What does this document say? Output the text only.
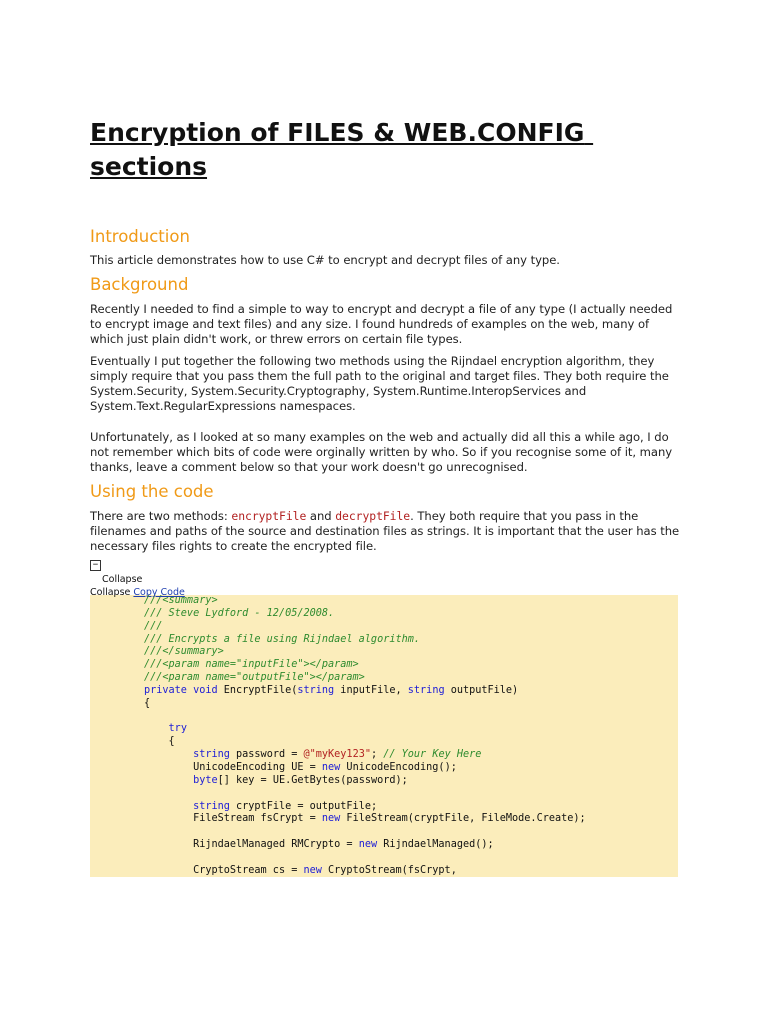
Encryption of FILES & WEB.CONFIG sections
Introduction

This article demonstrates how to use C# to encrypt and decrypt files of any type.

Background

Recently I needed to find a simple to way to encrypt and decrypt a file of any type (I actually needed to encrypt image and text files) and any size. I found hundreds of examples on the web, many of which just plain didn't work, or threw errors on certain file types.

Eventually I put together the following two methods using the Rijndael encryption algorithm, they simply require that you pass them the full path to the original and target files. They both require the System.Security, System.Security.Cryptography, System.Runtime.InteropServices and System.Text.RegularExpressions namespaces.

Unfortunately, as I looked at so many examples on the web and actually did all this a while ago, I do not remember which bits of code were orginally written by who. So if you recognise some of it, many thanks, leave a comment below so that your work doesn't go unrecognised.

Using the code

There are two methods: encryptFile and decryptFile. They both require that you pass in the filenames and paths of the source and destination files as strings. It is important that the user has the necessary files rights to create the encrypted file.

−
Collapse
Collapse Copy Code
///<summary>
/// Steve Lydford - 12/05/2008.
///
/// Encrypts a file using Rijndael algorithm.
///</summary>
///<param name="inputFile"></param>
///<param name="outputFile"></param>
private void EncryptFile(string inputFile, string outputFile)
{

try
{
string password = @"myKey123"; // Your Key Here
UnicodeEncoding UE = new UnicodeEncoding();
byte[] key = UE.GetBytes(password);

string cryptFile = outputFile;
FileStream fsCrypt = new FileStream(cryptFile, FileMode.Create);

RijndaelManaged RMCrypto = new RijndaelManaged();

CryptoStream cs = new CryptoStream(fsCrypt,
